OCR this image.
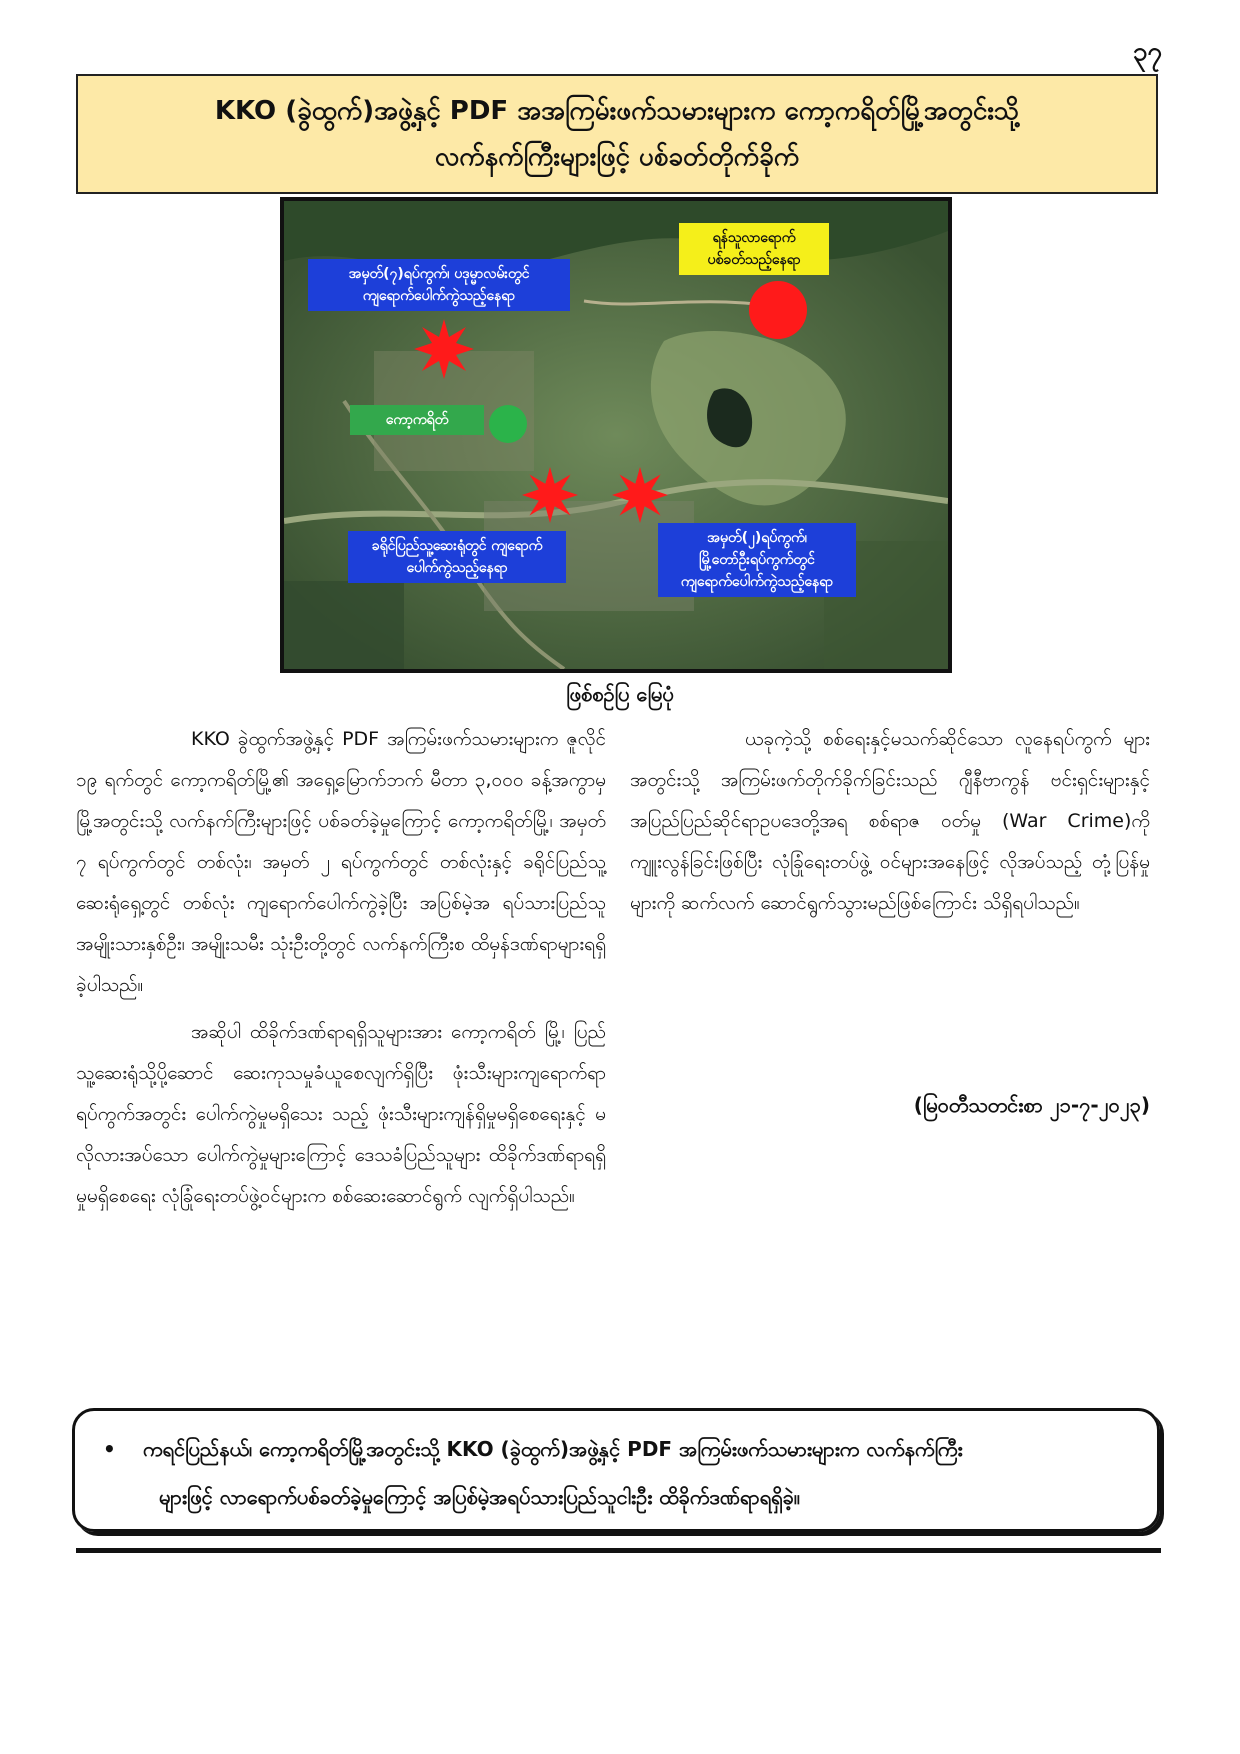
၃၇
KKO (ခွဲထွက်)အဖွဲ့နှင့် PDF အအကြမ်းဖက်သမားများက ကော့ကရိတ်မြို့အတွင်းသို့
လက်နက်ကြီးများဖြင့် ပစ်ခတ်တိုက်ခိုက်
ရန်သူလာရောက်
ပစ်ခတ်သည့်နေရာ
အမှတ်(၇)ရပ်ကွက်၊ ပဒုမ္မာလမ်းတွင်
ကျရောက်ပေါက်ကွဲသည့်နေရာ
ကော့ကရိတ်
ခရိုင်ပြည်သူ့ဆေးရုံတွင် ကျရောက်
ပေါက်ကွဲသည့်နေရာ
အမှတ်(၂)ရပ်ကွက်၊
မြို့တော်ဦးရပ်ကွက်တွင်
ကျရောက်ပေါက်ကွဲသည့်နေရာ
ဖြစ်စဉ်ပြ မြေပုံ

KKO ခွဲထွက်အဖွဲ့နှင့် PDF အကြမ်းဖက်သမားများက ဇူလိုင် ၁၉ ရက်တွင် ကော့ကရိတ်မြို့၏ အရှေ့မြောက်ဘက် မီတာ ၃,၀၀၀ ခန့်အကွာမှ မြို့အတွင်းသို့ လက်နက်ကြီးများဖြင့် ပစ်ခတ်ခဲ့မှုကြောင့် ကော့ကရိတ်မြို့၊ အမှတ် ၇ ရပ်ကွက်တွင် တစ်လုံး၊ အမှတ် ၂ ရပ်ကွက်တွင် တစ်လုံးနှင့် ခရိုင်ပြည်သူ့ ဆေးရုံရှေ့တွင် တစ်လုံး ကျရောက်ပေါက်ကွဲခဲ့ပြီး အပြစ်မဲ့အ ရပ်သားပြည်သူ အမျိုးသားနှစ်ဦး၊ အမျိုးသမီး သုံးဦးတို့တွင် လက်နက်ကြီးစ ထိမှန်ဒဏ်ရာများရရှိခဲ့ပါသည်။

အဆိုပါ ထိခိုက်ဒဏ်ရာရရှိသူများအား ကော့ကရိတ် မြို့၊ ပြည်သူ့ဆေးရုံသို့ပို့ဆောင် ဆေးကုသမှုခံယူစေလျက်ရှိပြီး ဖုံးသီးများကျရောက်ရာ ရပ်ကွက်အတွင်း ပေါက်ကွဲမှုမရှိသေး သည့် ဖုံးသီးများကျန်ရှိမှုမရှိစေရေးနှင့် မလိုလားအပ်သော ပေါက်ကွဲမှုများကြောင့် ဒေသခံပြည်သူများ ထိခိုက်ဒဏ်ရာရရှိ မှုမရှိစေရေး လုံခြုံရေးတပ်ဖွဲ့ဝင်များက စစ်ဆေးဆောင်ရွက် လျက်ရှိပါသည်။

ယခုကဲ့သို့ စစ်ရေးနှင့်မသက်ဆိုင်သော လူနေရပ်ကွက် များအတွင်းသို့ အကြမ်းဖက်တိုက်ခိုက်ခြင်းသည် ဂျီနီဗာကွန် ဗင်းရှင်းများနှင့် အပြည်ပြည်ဆိုင်ရာဥပဒေတို့အရ စစ်ရာဇ ဝတ်မှု (War Crime)ကို ကျူးလွန်ခြင်းဖြစ်ပြီး လုံခြုံရေးတပ်ဖွဲ့ ဝင်များအနေဖြင့် လိုအပ်သည့် တုံ့ပြန်မှုများကို ဆက်လက် ဆောင်ရွက်သွားမည်ဖြစ်ကြောင်း သိရှိရပါသည်။

(မြဝတီသတင်းစာ ၂၁-၇-၂၀၂၃)
• ကရင်ပြည်နယ်၊ ကော့ကရိတ်မြို့အတွင်းသို့ KKO (ခွဲထွက်)အဖွဲ့နှင့် PDF အကြမ်းဖက်သမားများက လက်နက်ကြီး
များဖြင့် လာရောက်ပစ်ခတ်ခဲ့မှုကြောင့် အပြစ်မဲ့အရပ်သားပြည်သူငါးဦး ထိခိုက်ဒဏ်ရာရရှိခဲ့။
